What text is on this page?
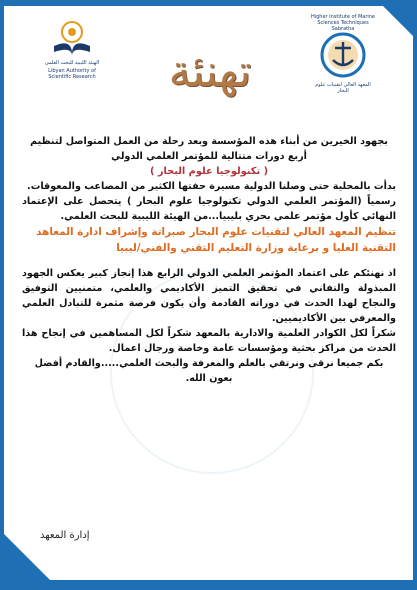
الهيئة الليبية للبحث العلمي
Libyan Authority of Scientific Research	تهنئة
Higher Institute of Marine Sciences Techniques Sabratha
المعهد العالي لتقنيات علوم البحار

بجهود الخيرين من أبناء هذه المؤسسة وبعد رحلة من العمل المتواصل لتنظيم أربع دورات متتالية للمؤتمر العلمي الدولي

( تكنولوجيا علوم البحار )

بدأت بالمحلية حتى وصلنا الدولية مسيرة حفتها الكثير من المصاعب والمعوقات.

رسمياً (المؤتمر العلمي الدولي تكنولوجيا علوم البحار ) يتحصل على الإعتماد النهائي كأول مؤتمر علمي بحري بليبيا...من الهيئة الليبية للبحث العلمي.

تنظيم المعهد العالي لتقنيات علوم البحار صبراتة وإشراف ادارة المعاهد التقنية العليا و برعاية وزارة التعليم التقني والفني/ليبيا

اذ نهنئكم على اعتماد المؤتمر العلمي الدولي الرابع هذا إنجاز كبير يعكس الجهود المبذولة والتفاني في تحقيق التميز الأكاديمي والعلمي، متمنيين التوفيق والنجاح لهذا الحدث في دوراته القادمة وأن يكون فرصة مثمرة للتبادل العلمي والمعرفي بين الأكاديميين.

شكراً لكل الكوادر العلمية والادارية بالمعهد شكراً لكل المساهمين في إنجاح هذا الحدث من مراكز بحثية ومؤسسات عامة وخاصة ورجال اعمال.

بكم جميعا نرقى ونرتقي بالعلم والمعرفة والبحث العلمي.....والقادم أفضل بعون الله.

إدارة المعهد
